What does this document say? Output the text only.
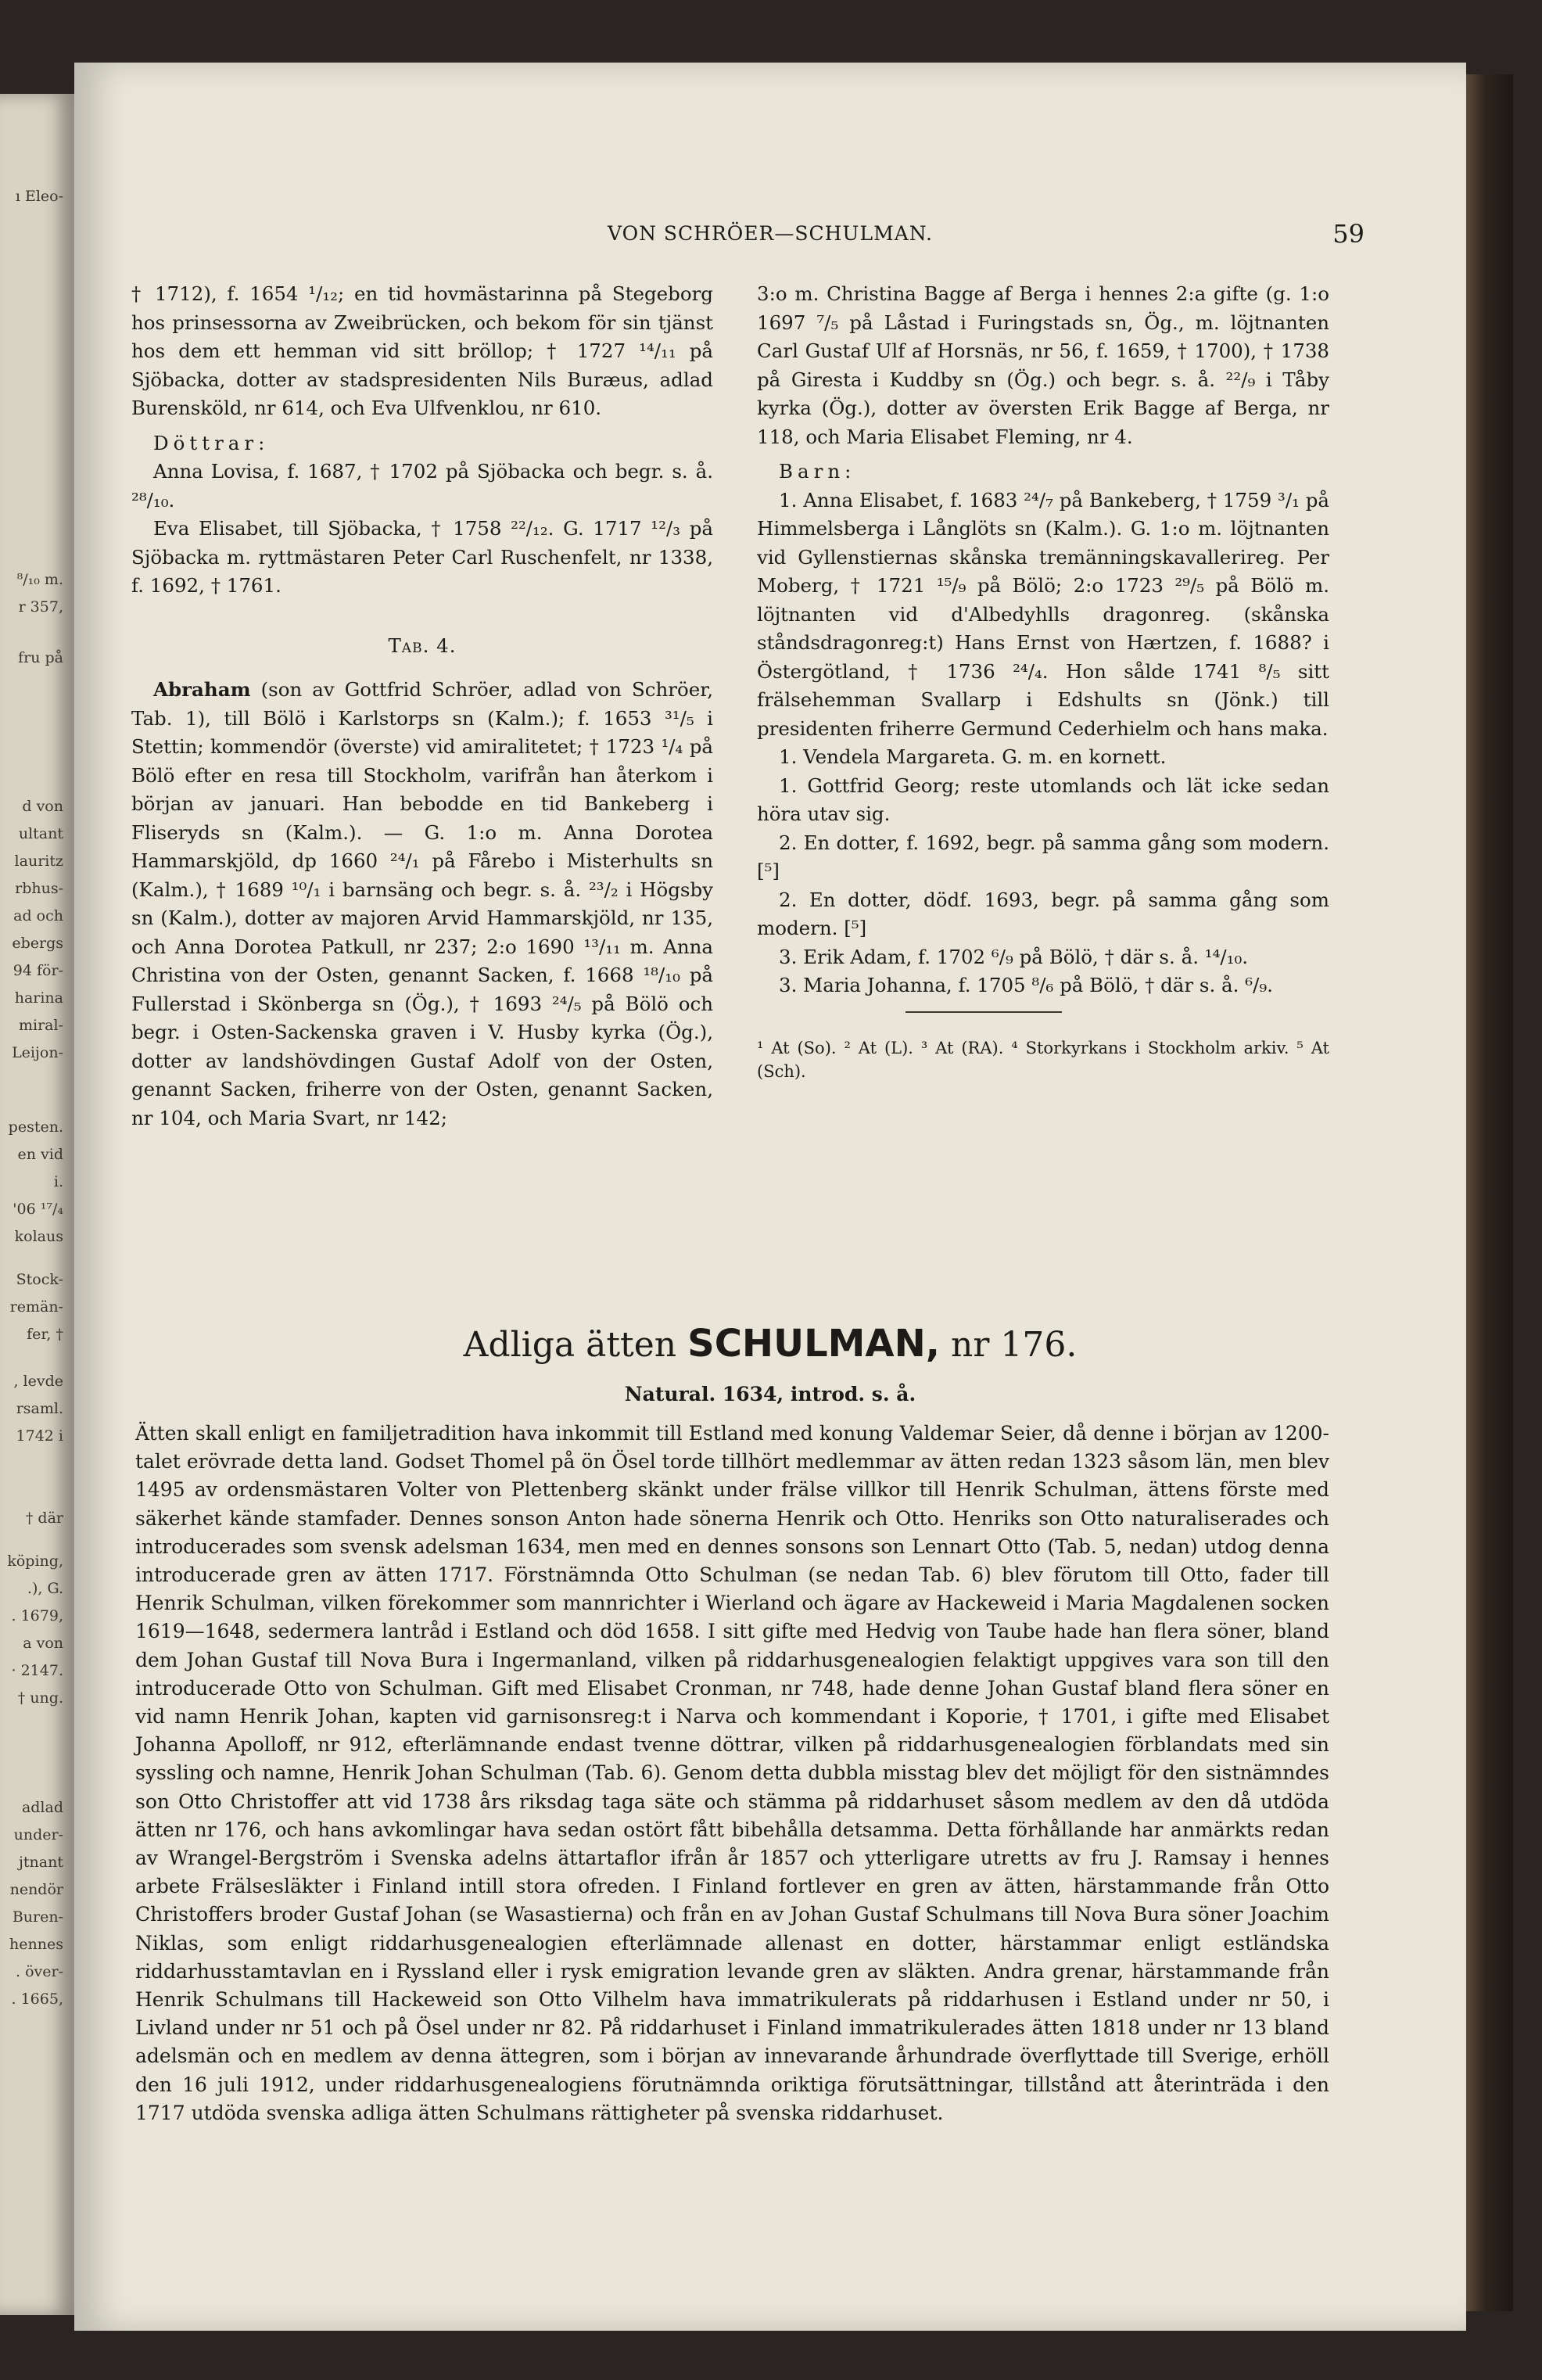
ı Eleo-
⁸/₁₀ m.
r 357,
fru på
d von
ultant
lauritz
rbhus-
ad och
ebergs
94 för-
harina
miral-
Leijon-
pesten.
en vid
i.
'06 ¹⁷/₄
kolaus
Stock-
remän-
fer, †
, levde
rsaml.
1742 i
† där
köping,
.), G.
. 1679,
a von
· 2147.
† ung.
adlad
under-
jtnant
nendör
Buren-
hennes
. över-
. 1665,
VON SCHRÖER—SCHULMAN.	59

† 1712), f. 1654 ¹/₁₂; en tid hovmästarinna på Stegeborg hos prinsessorna av Zweibrücken, och bekom för sin tjänst hos dem ett hemman vid sitt bröllop; † 1727 ¹⁴/₁₁ på Sjöbacka, dotter av stadspresidenten Nils Buræus, adlad Burensköld, nr 614, och Eva Ulfvenklou, nr 610.

Döttrar:

Anna Lovisa, f. 1687, † 1702 på Sjöbacka och begr. s. å. ²⁸/₁₀.

Eva Elisabet, till Sjöbacka, † 1758 ²²/₁₂. G. 1717 ¹²/₃ på Sjöbacka m. ryttmästaren Peter Carl Ruschenfelt, nr 1338, f. 1692, † 1761.

Tab. 4.

Abraham (son av Gottfrid Schröer, adlad von Schröer, Tab. 1), till Bölö i Karlstorps sn (Kalm.); f. 1653 ³¹/₅ i Stettin; kommendör (överste) vid amiralitetet; † 1723 ¹/₄ på Bölö efter en resa till Stockholm, varifrån han återkom i början av januari. Han bebodde en tid Bankeberg i Fliseryds sn (Kalm.). — G. 1:o m. Anna Dorotea Hammarskjöld, dp 1660 ²⁴/₁ på Fårebo i Misterhults sn (Kalm.), † 1689 ¹⁰/₁ i barnsäng och begr. s. å. ²³/₂ i Högsby sn (Kalm.), dotter av majoren Arvid Hammarskjöld, nr 135, och Anna Dorotea Patkull, nr 237; 2:o 1690 ¹³/₁₁ m. Anna Christina von der Osten, genannt Sacken, f. 1668 ¹⁸/₁₀ på Fullerstad i Skönberga sn (Ög.), † 1693 ²⁴/₅ på Bölö och begr. i Osten-Sackenska graven i V. Husby kyrka (Ög.), dotter av landshövdingen Gustaf Adolf von der Osten, genannt Sacken, friherre von der Osten, genannt Sacken, nr 104, och Maria Svart, nr 142;

3:o m. Christina Bagge af Berga i hennes 2:a gifte (g. 1:o 1697 ⁷/₅ på Låstad i Furingstads sn, Ög., m. löjtnanten Carl Gustaf Ulf af Horsnäs, nr 56, f. 1659, † 1700), † 1738 på Giresta i Kuddby sn (Ög.) och begr. s. å. ²²/₉ i Tåby kyrka (Ög.), dotter av översten Erik Bagge af Berga, nr 118, och Maria Elisabet Fleming, nr 4.

Barn:

1. Anna Elisabet, f. 1683 ²⁴/₇ på Bankeberg, † 1759 ³/₁ på Himmelsberga i Långlöts sn (Kalm.). G. 1:o m. löjtnanten vid Gyllenstiernas skånska tremänningskavallerireg. Per Moberg, † 1721 ¹⁵/₉ på Bölö; 2:o 1723 ²⁹/₅ på Bölö m. löjtnanten vid d'Albedyhlls dragonreg. (skånska ståndsdragonreg:t) Hans Ernst von Hærtzen, f. 1688? i Östergötland, † 1736 ²⁴/₄. Hon sålde 1741 ⁸/₅ sitt frälsehemman Svallarp i Edshults sn (Jönk.) till presidenten friherre Germund Cederhielm och hans maka.

1. Vendela Margareta. G. m. en kornett.

1. Gottfrid Georg; reste utomlands och lät icke sedan höra utav sig.

2. En dotter, f. 1692, begr. på samma gång som modern. [⁵]

2. En dotter, dödf. 1693, begr. på samma gång som modern. [⁵]

3. Erik Adam, f. 1702 ⁶/₉ på Bölö, † där s. å. ¹⁴/₁₀.

3. Maria Johanna, f. 1705 ⁸/₆ på Bölö, † där s. å. ⁶/₉.

¹ At (So). ² At (L). ³ At (RA). ⁴ Storkyrkans i Stockholm arkiv. ⁵ At (Sch).

Adliga ätten SCHULMAN, nr 176.
Natural. 1634, introd. s. å.

Ätten skall enligt en familjetradition hava inkommit till Estland med konung Valdemar Seier, då denne i början av 1200-talet erövrade detta land. Godset Thomel på ön Ösel torde tillhört medlemmar av ätten redan 1323 såsom län, men blev 1495 av ordensmästaren Volter von Plettenberg skänkt under frälse villkor till Henrik Schulman, ättens förste med säkerhet kände stamfader. Dennes sonson Anton hade sönerna Henrik och Otto. Henriks son Otto naturaliserades och introducerades som svensk adelsman 1634, men med en dennes sonsons son Lennart Otto (Tab. 5, nedan) utdog denna introducerade gren av ätten 1717. Förstnämnda Otto Schulman (se nedan Tab. 6) blev förutom till Otto, fader till Henrik Schulman, vilken förekommer som mannrichter i Wierland och ägare av Hackeweid i Maria Magdalenen socken 1619—1648, sedermera lantråd i Estland och död 1658. I sitt gifte med Hedvig von Taube hade han flera söner, bland dem Johan Gustaf till Nova Bura i Ingermanland, vilken på riddarhusgenealogien felaktigt uppgives vara son till den introducerade Otto von Schulman. Gift med Elisabet Cronman, nr 748, hade denne Johan Gustaf bland flera söner en vid namn Henrik Johan, kapten vid garnisonsreg:t i Narva och kommendant i Koporie, † 1701, i gifte med Elisabet Johanna Apolloff, nr 912, efterlämnande endast tvenne döttrar, vilken på riddarhusgenealogien förblandats med sin syssling och namne, Henrik Johan Schulman (Tab. 6). Genom detta dubbla misstag blev det möjligt för den sistnämndes son Otto Christoffer att vid 1738 års riksdag taga säte och stämma på riddarhuset såsom medlem av den då utdöda ätten nr 176, och hans avkomlingar hava sedan ostört fått bibehålla detsamma. Detta förhållande har anmärkts redan av Wrangel-Bergström i Svenska adelns ättartaflor ifrån år 1857 och ytterligare utretts av fru J. Ramsay i hennes arbete Frälsesläkter i Finland intill stora ofreden. I Finland fortlever en gren av ätten, härstammande från Otto Christoffers broder Gustaf Johan (se Wasastierna) och från en av Johan Gustaf Schulmans till Nova Bura söner Joachim Niklas, som enligt riddarhusgenealogien efterlämnade allenast en dotter, härstammar enligt estländska riddarhusstamtavlan en i Ryssland eller i rysk emigration levande gren av släkten. Andra grenar, härstammande från Henrik Schulmans till Hackeweid son Otto Vilhelm hava immatrikulerats på riddarhusen i Estland under nr 50, i Livland under nr 51 och på Ösel under nr 82. På riddarhuset i Finland immatrikulerades ätten 1818 under nr 13 bland adelsmän och en medlem av denna ättegren, som i början av innevarande århundrade överflyttade till Sverige, erhöll den 16 juli 1912, under riddarhusgenealogiens förutnämnda oriktiga förutsättningar, tillstånd att återinträda i den 1717 utdöda svenska adliga ätten Schulmans rättigheter på svenska riddarhuset.
